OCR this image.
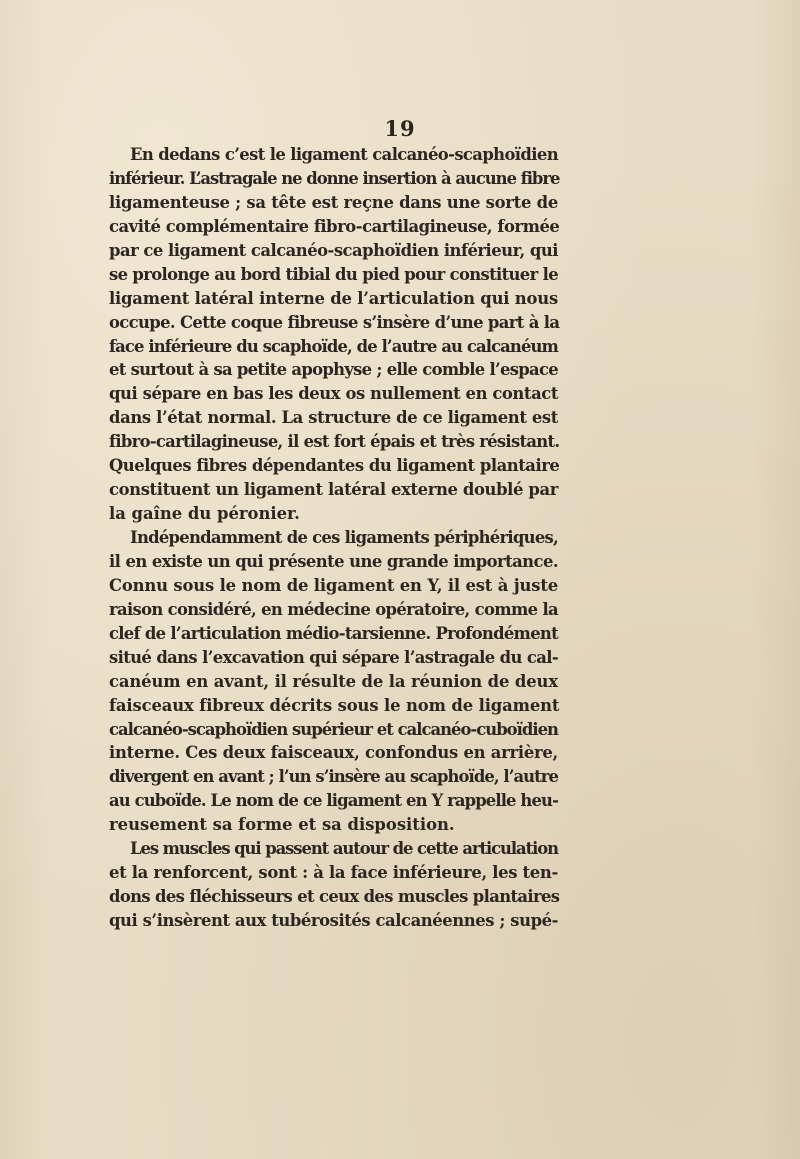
19
En dedans c’est le ligament calcanéo-scaphoïdien
inférieur. L’astragale ne donne insertion à aucune fibre
ligamenteuse ; sa tête est reçne dans une sorte de
cavité complémentaire fibro-cartilagineuse, formée
par ce ligament calcanéo-scaphoïdien inférieur, qui
se prolonge au bord tibial du pied pour constituer le
ligament latéral interne de l’articulation qui nous
occupe. Cette coque fibreuse s’insère d’une part à la
face inférieure du scaphoïde, de l’autre au calcanéum
et surtout à sa petite apophyse ; elle comble l’espace
qui sépare en bas les deux os nullement en contact
dans l’état normal. La structure de ce ligament est
fibro-cartilagineuse, il est fort épais et très résistant.
Quelques fibres dépendantes du ligament plantaire
constituent un ligament latéral externe doublé par
la gaîne du péronier.
Indépendamment de ces ligaments périphériques,
il en existe un qui présente une grande importance.
Connu sous le nom de ligament en Y, il est à juste
raison considéré, en médecine opératoire, comme la
clef de l’articulation médio-tarsienne. Profondément
situé dans l’excavation qui sépare l’astragale du cal-
canéum en avant, il résulte de la réunion de deux
faisceaux fibreux décrits sous le nom de ligament
calcanéo-scaphoïdien supérieur et calcanéo-cuboïdien
interne. Ces deux faisceaux, confondus en arrière,
divergent en avant ; l’un s’insère au scaphoïde, l’autre
au cuboïde. Le nom de ce ligament en Y rappelle heu-
reusement sa forme et sa disposition.
Les muscles qui passent autour de cette articulation
et la renforcent, sont : à la face inférieure, les ten-
dons des fléchisseurs et ceux des muscles plantaires
qui s’insèrent aux tubérosités calcanéennes ; supé-
